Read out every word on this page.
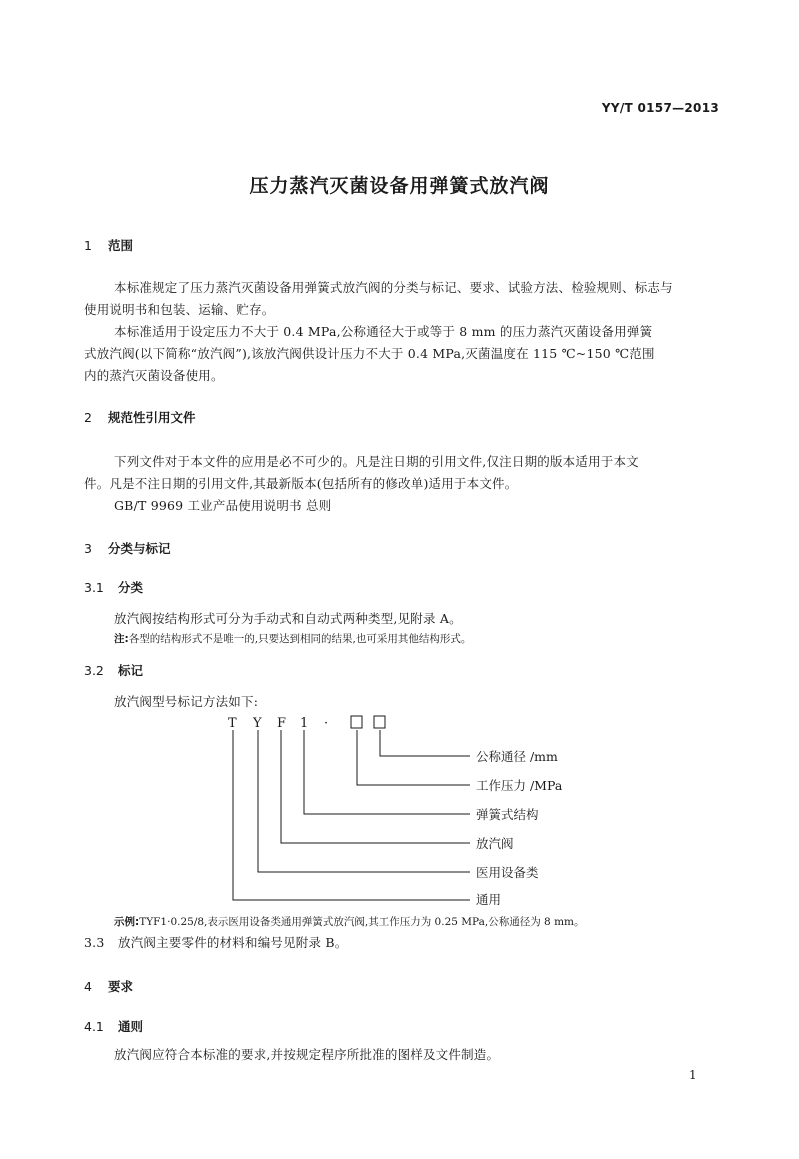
YY/T 0157—2013
压力蒸汽灭菌设备用弹簧式放汽阀
1 范围
本标准规定了压力蒸汽灭菌设备用弹簧式放汽阀的分类与标记、要求、试验方法、检验规则、标志与
使用说明书和包装、运输、贮存。
本标准适用于设定压力不大于 0.4 MPa,公称通径大于或等于 8 mm 的压力蒸汽灭菌设备用弹簧
式放汽阀(以下简称“放汽阀”),该放汽阀供设计压力不大于 0.4 MPa,灭菌温度在 115 ℃~150 ℃范围
内的蒸汽灭菌设备使用。
2 规范性引用文件
下列文件对于本文件的应用是必不可少的。凡是注日期的引用文件,仅注日期的版本适用于本文
件。凡是不注日期的引用文件,其最新版本(包括所有的修改单)适用于本文件。
GB/T 9969 工业产品使用说明书 总则
3 分类与标记
3.1 分类
放汽阀按结构形式可分为手动式和自动式两种类型,见附录 A。
注:各型的结构形式不是唯一的,只要达到相同的结果,也可采用其他结构形式。
3.2 标记
放汽阀型号标记方法如下:
T Y F 1 ·
公称通径 /mm
工作压力 /MPa
弹簧式结构
放汽阀
医用设备类
通用
示例:TYF1·0.25/8,表示医用设备类通用弹簧式放汽阀,其工作压力为 0.25 MPa,公称通径为 8 mm。
3.3 放汽阀主要零件的材料和编号见附录 B。
4 要求
4.1 通则
放汽阀应符合本标准的要求,并按规定程序所批准的图样及文件制造。
1
